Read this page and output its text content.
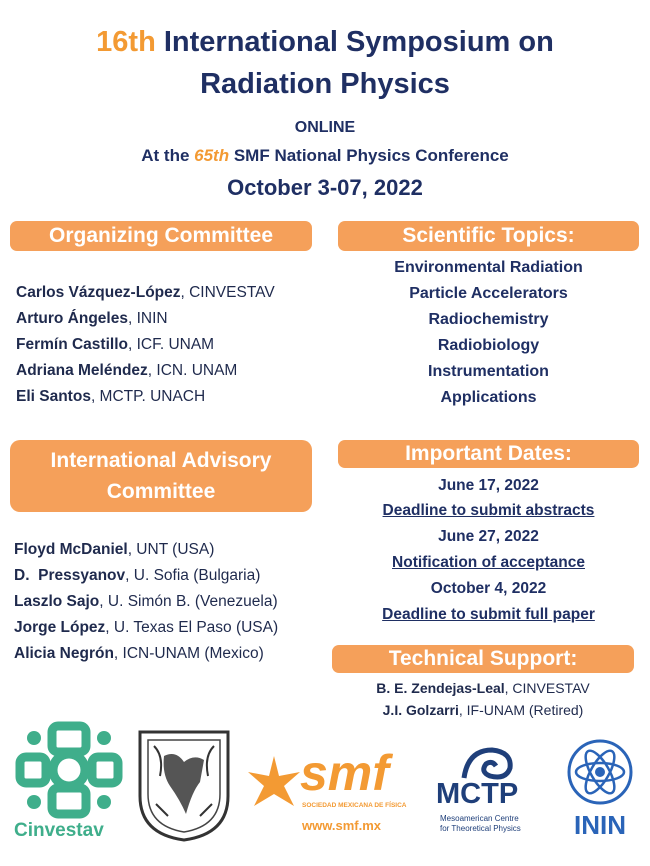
16th International Symposium on
Radiation Physics
ONLINE
At the 65th SMF National Physics Conference
October 3-07, 2022
Organizing Committee
Carlos Vázquez-López, CINVESTAV
Arturo Ángeles, ININ
Fermín Castillo, ICF. UNAM
Adriana Meléndez, ICN. UNAM
Eli Santos, MCTP. UNACH
Scientific Topics:
Environmental Radiation
Particle Accelerators
Radiochemistry
Radiobiology
Instrumentation
Applications
International Advisory
Committee
Floyd McDaniel, UNT (USA)
D.  Pressyanov, U. Sofia (Bulgaria)
Laszlo Sajo, U. Simón B. (Venezuela)
Jorge López, U. Texas El Paso (USA)
Alicia Negrón, ICN-UNAM (Mexico)
Important Dates:
June 17, 2022
Deadline to submit abstracts
June 27, 2022
Notification of acceptance
October 4, 2022
Deadline to submit full paper
Technical Support:
B. E. Zendejas-Leal, CINVESTAV
J.I. Golzarri, IF-UNAM (Retired)
Cinvestav
smf
SOCIEDAD MEXICANA DE FÍSICA
www.smf.mx
MCTP
Mesoamerican Centre
for Theoretical Physics	ININ
